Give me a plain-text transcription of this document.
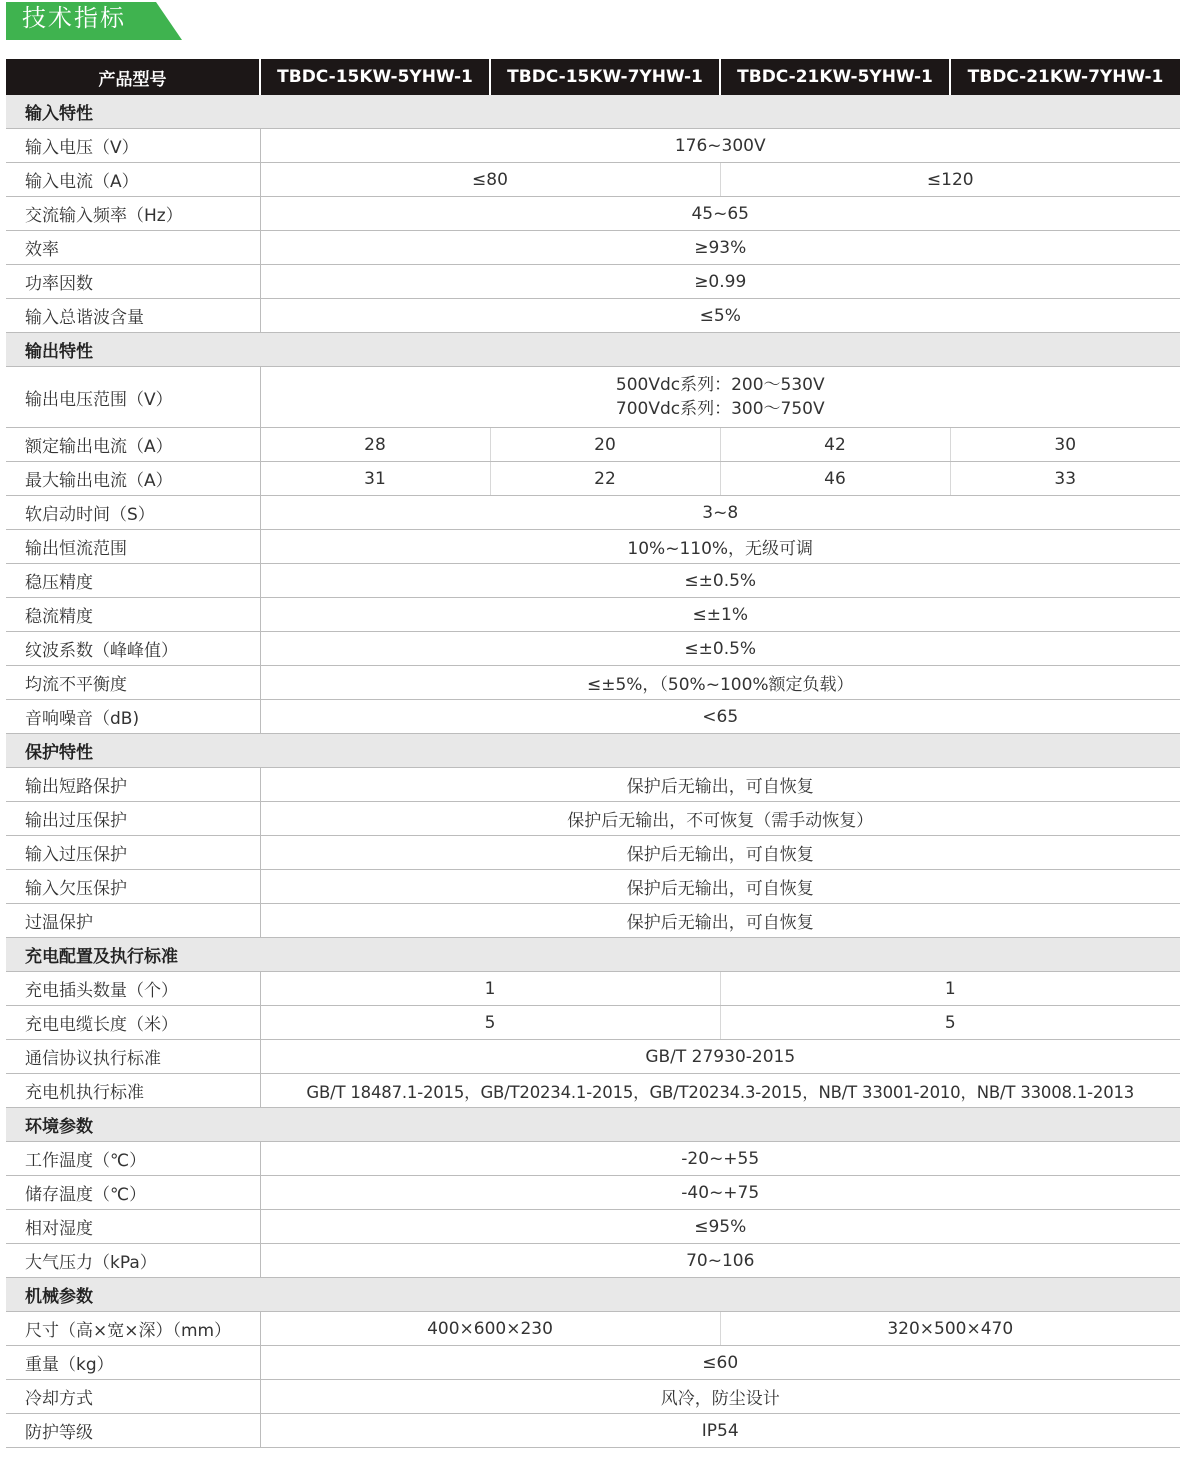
技术指标
产品型号	TBDC-15KW-5YHW-1	TBDC-15KW-7YHW-1	TBDC-21KW-5YHW-1	TBDC-21KW-7YHW-1
输入特性				
输入电压（V）	176~300V			
输入电流（A）	≤80		≤120	
交流输入频率（Hz）	45~65			
效率	≥93%			
功率因数	≥0.99			
输入总谐波含量	≤5%			
输出特性				
输出电压范围（V）	500Vdc系列：200～530V
700Vdc系列：300～750V			

额定输出电流（A）	28	20	42	30
最大输出电流（A）	31	22	46	33
软启动时间（S）	3~8			
输出恒流范围	10%~110%，无级可调			
稳压精度	≤±0.5%			
稳流精度	≤±1%			
纹波系数（峰峰值）	≤±0.5%			
均流不平衡度	≤±5%，（50%~100%额定负载）			
音响噪音（dB)	<65			
保护特性				
输出短路保护	保护后无输出，可自恢复			
输出过压保护	保护后无输出，不可恢复（需手动恢复）			
输入过压保护	保护后无输出，可自恢复			
输入欠压保护	保护后无输出，可自恢复			
过温保护	保护后无输出，可自恢复			
充电配置及执行标准				
充电插头数量（个）	1		1	
充电电缆长度（米）	5		5	
通信协议执行标准	GB/T 27930-2015			
充电机执行标准	GB/T 18487.1-2015，GB/T20234.1-2015，GB/T20234.3-2015，NB/T 33001-2010，NB/T 33008.1-2013			
环境参数				
工作温度（℃）	-20~+55			
储存温度（℃）	-40~+75			
相对湿度	≤95%			
大气压力（kPa）	70~106			
机械参数				
尺寸（高×宽×深）（mm）	400×600×230		320×500×470	
重量（kg）	≤60			
冷却方式	风冷，防尘设计			
防护等级	IP54			
